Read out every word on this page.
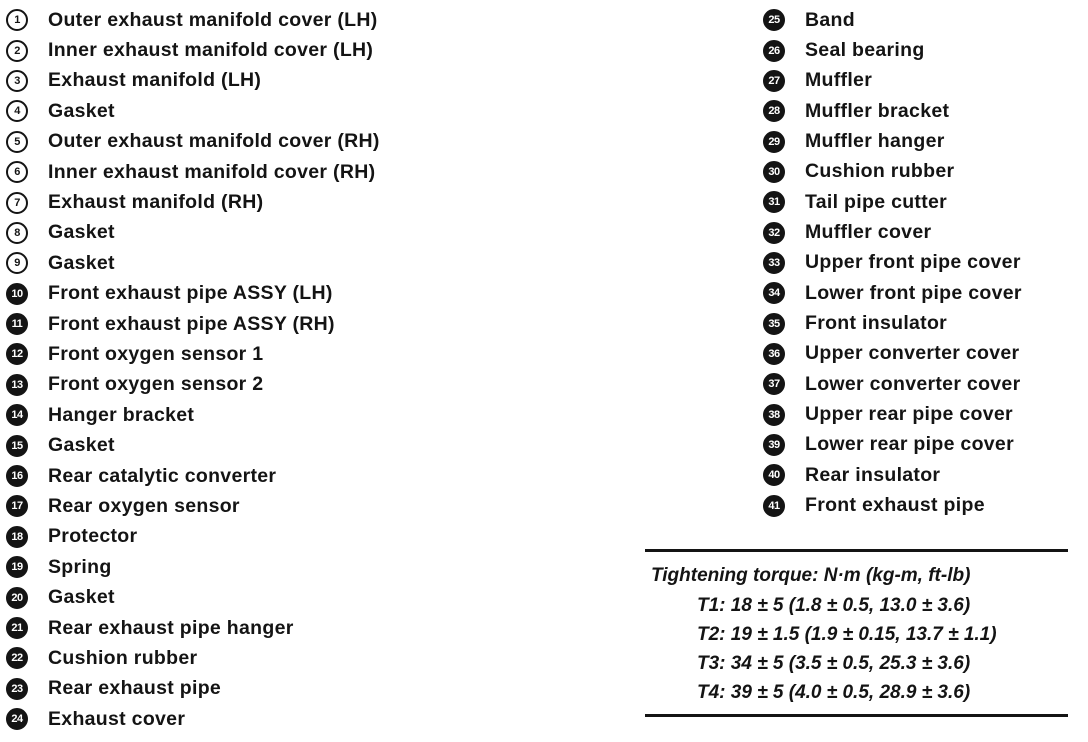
1	Outer exhaust manifold cover (LH)
2	Inner exhaust manifold cover (LH)
3	Exhaust manifold (LH)
4	Gasket
5	Outer exhaust manifold cover (RH)
6	Inner exhaust manifold cover (RH)
7	Exhaust manifold (RH)
8	Gasket
9	Gasket
10 Front exhaust pipe ASSY (LH)
11 Front exhaust pipe ASSY (RH)
12 Front oxygen sensor 1
13 Front oxygen sensor 2
14 Hanger bracket
15 Gasket
16 Rear catalytic converter
17 Rear oxygen sensor
18 Protector
19 Spring
20 Gasket
21 Rear exhaust pipe hanger
22 Cushion rubber
23 Rear exhaust pipe
24 Exhaust cover
25 Band
26 Seal bearing
27 Muffler
28 Muffler bracket
29 Muffler hanger
30 Cushion rubber
31 Tail pipe cutter
32 Muffler cover
33 Upper front pipe cover
34 Lower front pipe cover
35 Front insulator
36 Upper converter cover
37 Lower converter cover
38 Upper rear pipe cover
39 Lower rear pipe cover
40 Rear insulator
41 Front exhaust pipe
Tightening torque: N·m (kg-m, ft-lb)
T1: 18 ± 5 (1.8 ± 0.5, 13.0 ± 3.6)
T2: 19 ± 1.5 (1.9 ± 0.15, 13.7 ± 1.1)
T3: 34 ± 5 (3.5 ± 0.5, 25.3 ± 3.6)
T4: 39 ± 5 (4.0 ± 0.5, 28.9 ± 3.6)
